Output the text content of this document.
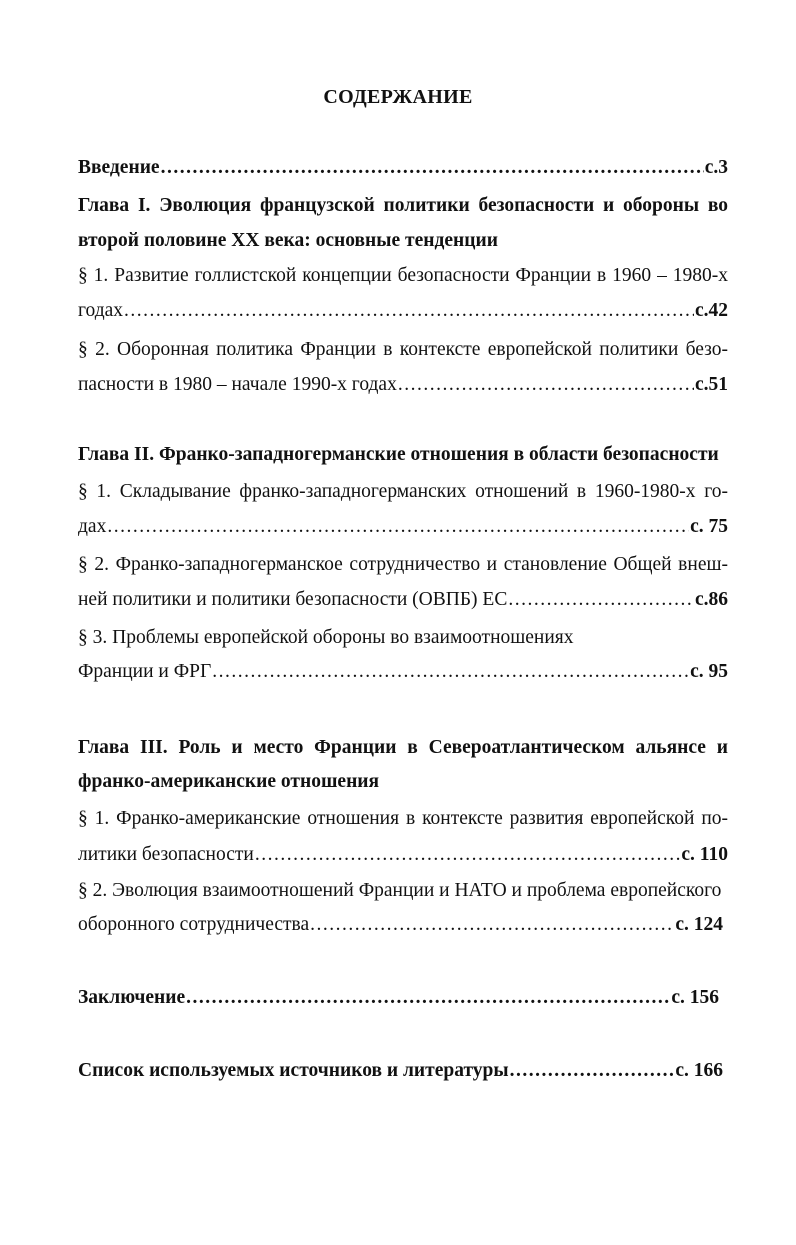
СОДЕРЖАНИЕ
Введение .....	с.3
Глава I. Эволюция французской политики безопасности и обороны во
второй половине XX века: основные тенденции
§ 1. Развитие голлистской концепции безопасности Франции в 1960 – 1980-х
годах .....	с.42
§ 2. Оборонная политика Франции в контексте европейской политики безо-
пасности в 1980 – начале 1990-х годах .....	с.51
Глава II. Франко-западногерманские отношения в области безопасности
§ 1. Складывание франко-западногерманских отношений в 1960-1980-х го-
дах .....	с. 75
§ 2. Франко-западногерманское сотрудничество и становление Общей внеш-
ней политики и политики безопасности (ОВПБ) ЕС .....	с.86
§ 3. Проблемы европейской обороны во взаимоотношениях
Франции и ФРГ .....	с. 95
Глава III. Роль и место Франции в Североатлантическом альянсе и
франко-американские отношения
§ 1. Франко-американские отношения в контексте развития европейской по-
литики безопасности .....	с. 110
§ 2. Эволюция взаимоотношений Франции и НАТО и проблема европейского
оборонного сотрудничества .....	с. 124
Заключение .....	с. 156
Список используемых источников и литературы .....	с. 166
